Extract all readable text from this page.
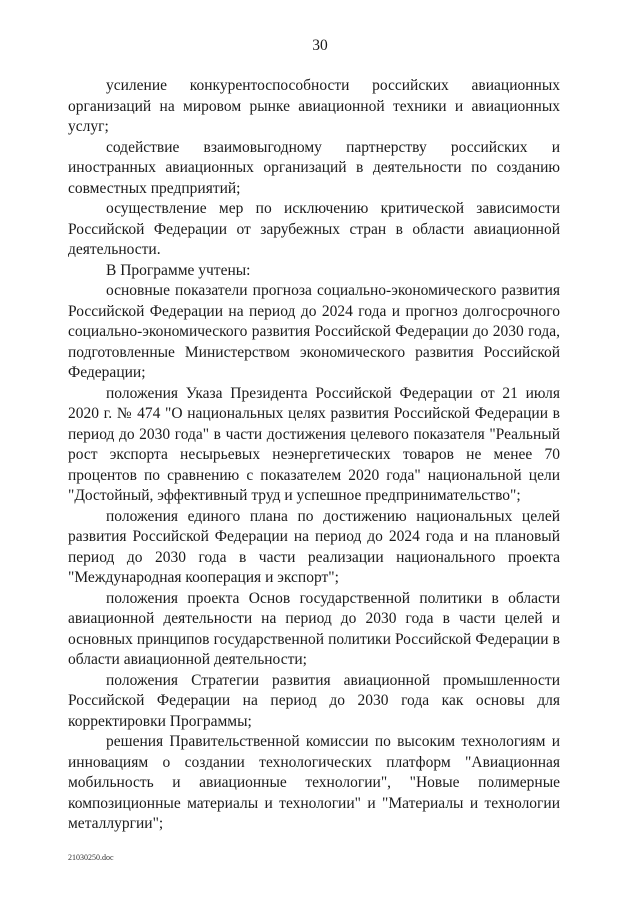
30

усиление конкурентоспособности российских авиационных организаций на мировом рынке авиационной техники и авиационных услуг;

содействие взаимовыгодному партнерству российских и иностранных авиационных организаций в деятельности по созданию совместных предприятий;

осуществление мер по исключению критической зависимости Российской Федерации от зарубежных стран в области авиационной деятельности.

В Программе учтены:

основные показатели прогноза социально-экономического развития Российской Федерации на период до 2024 года и прогноз долгосрочного социально-экономического развития Российской Федерации до 2030 года, подготовленные Министерством экономического развития Российской Федерации;

положения Указа Президента Российской Федерации от 21 июля 2020 г. № 474 "О национальных целях развития Российской Федерации в период до 2030 года" в части достижения целевого показателя "Реальный рост экспорта несырьевых неэнергетических товаров не менее 70 процентов по сравнению с показателем 2020 года" национальной цели "Достойный, эффективный труд и успешное предпринимательство";

положения единого плана по достижению национальных целей развития Российской Федерации на период до 2024 года и на плановый период до 2030 года в части реализации национального проекта "Международная кооперация и экспорт";

положения проекта Основ государственной политики в области авиационной деятельности на период до 2030 года в части целей и основных принципов государственной политики Российской Федерации в области авиационной деятельности;

положения Стратегии развития авиационной промышленности Российской Федерации на период до 2030 года как основы для корректировки Программы;

решения Правительственной комиссии по высоким технологиям и инновациям о создании технологических платформ "Авиационная мобильность и авиационные технологии", "Новые полимерные композиционные материалы и технологии" и "Материалы и технологии металлургии";

21030250.doc
